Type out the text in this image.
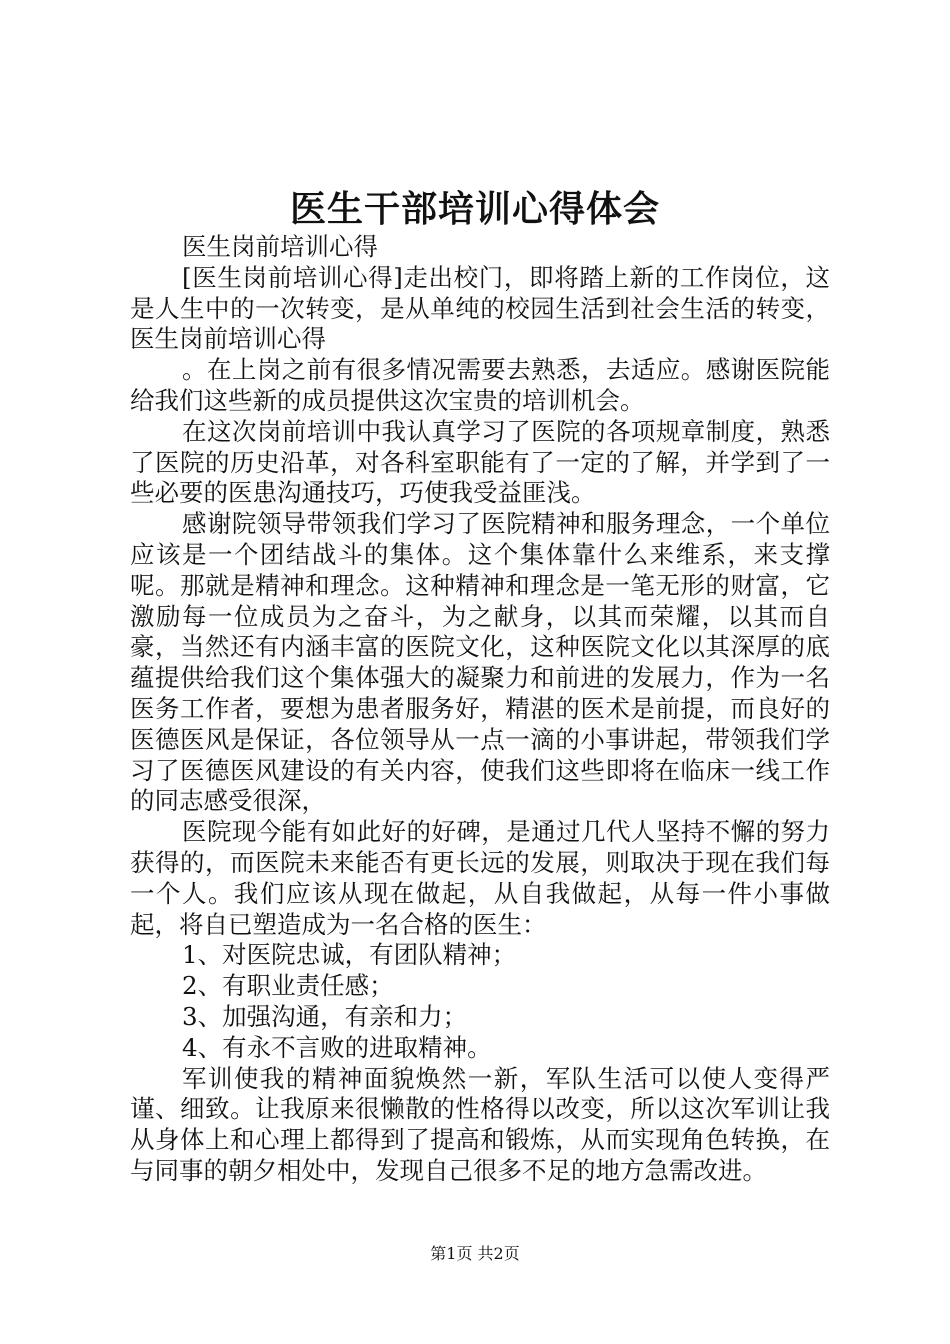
医生干部培训心得体会

医生岗前培训心得

[医生岗前培训心得]走出校门，即将踏上新的工作岗位，这是人生中的一次转变，是从单纯的校园生活到社会生活的转变，医生岗前培训心得

。在上岗之前有很多情况需要去熟悉，去适应。感谢医院能给我们这些新的成员提供这次宝贵的培训机会。

在这次岗前培训中我认真学习了医院的各项规章制度，熟悉了医院的历史沿革，对各科室职能有了一定的了解，并学到了一些必要的医患沟通技巧，巧使我受益匪浅。

感谢院领导带领我们学习了医院精神和服务理念，一个单位应该是一个团结战斗的集体。这个集体靠什么来维系，来支撑呢。那就是精神和理念。这种精神和理念是一笔无形的财富，它激励每一位成员为之奋斗，为之献身，以其而荣耀，以其而自豪，当然还有内涵丰富的医院文化，这种医院文化以其深厚的底蕴提供给我们这个集体强大的凝聚力和前进的发展力，作为一名医务工作者，要想为患者服务好，精湛的医术是前提，而良好的医德医风是保证，各位领导从一点一滴的小事讲起，带领我们学习了医德医风建设的有关内容，使我们这些即将在临床一线工作的同志感受很深，

医院现今能有如此好的好碑，是通过几代人坚持不懈的努力获得的，而医院未来能否有更长远的发展，则取决于现在我们每一个人。我们应该从现在做起，从自我做起，从每一件小事做起，将自已塑造成为一名合格的医生：

1、对医院忠诚，有团队精神；

2、有职业责任感；

3、加强沟通，有亲和力；

4、有永不言败的进取精神。

军训使我的精神面貌焕然一新，军队生活可以使人变得严谨、细致。让我原来很懒散的性格得以改变，所以这次军训让我从身体上和心理上都得到了提高和锻炼，从而实现角色转换，在与同事的朝夕相处中，发现自己很多不足的地方急需改进。

第1页 共2页
